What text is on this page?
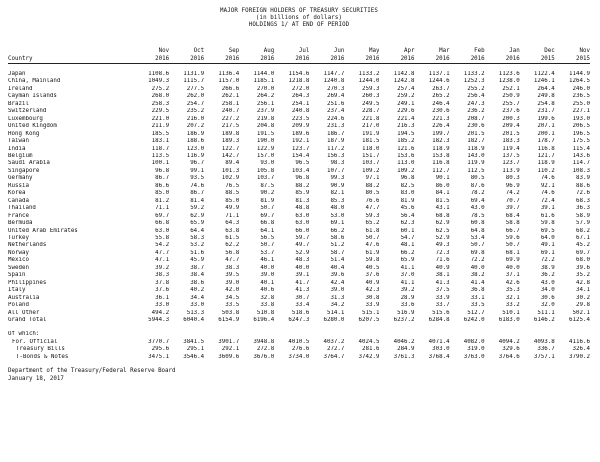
MAJOR FOREIGN HOLDERS OF TREASURY SECURITIES
(in billions of dollars)
HOLDINGS 1/ AT END OF PERIOD
	Nov	Oct	Sep	Aug	Jul	Jun	May	Apr	Mar	Feb	Jan	Dec	Nov
Country	2016	2016	2016	2016	2016	2016	2016	2016	2016	2016	2016	2015	2015

Japan	1108.6	1131.9	1136.4	1144.0	1154.6	1147.7	1133.2	1142.8	1137.1	1133.2	1123.6	1122.4	1144.9
China, Mainland	1049.3	1115.7	1157.0	1185.1	1218.8	1240.8	1244.0	1242.8	1244.6	1252.3	1238.0	1246.1	1264.5
Ireland	275.2	277.5	266.6	270.0	272.0	270.3	259.3	257.4	263.7	255.2	252.1	264.4	246.0
Cayman Islands	268.0	262.0	262.1	264.2	264.3	269.4	260.3	259.2	265.2	256.4	250.9	249.8	236.5
Brazil	258.3	254.7	258.1	256.1	254.1	251.6	249.5	249.1	246.4	247.3	255.7	254.8	255.0
Switzerland	229.5	235.2	240.7	237.9	240.8	237.4	228.7	229.6	230.6	236.2	237.6	231.7	227.1
Luxembourg	221.0	216.0	227.2	219.8	223.5	224.6	221.8	221.4	221.3	208.7	200.3	199.6	193.0
United Kingdom	211.9	207.2	217.5	204.8	209.9	231.3	217.0	216.3	226.4	230.6	209.4	207.1	206.5
Hong Kong	185.5	186.9	189.8	191.5	189.6	186.7	191.9	194.5	199.7	201.5	201.5	200.1	196.5
Taiwan	183.1	188.6	189.3	190.0	192.1	187.9	181.5	185.2	182.3	182.7	183.3	178.7	175.5
India	118.7	123.0	122.7	122.9	123.7	117.2	118.0	121.6	118.9	118.9	119.4	116.8	115.4
Belgium	113.5	116.9	142.7	157.0	154.4	156.3	151.7	153.6	153.8	143.0	137.5	121.7	143.6
Saudi Arabia	100.1	96.7	89.4	93.0	96.5	98.3	103.7	113.0	116.8	119.9	123.7	118.9	114.7
Singapore	96.8	99.1	101.3	105.8	103.4	107.7	109.2	109.2	112.7	112.5	113.9	110.2	108.3
Germany	86.7	93.5	102.9	103.7	96.8	99.3	97.1	96.8	90.1	80.5	80.3	74.6	83.9
Russia	86.6	74.6	76.5	87.5	88.2	90.9	88.2	82.5	86.0	87.6	96.9	92.1	88.6
Korea	85.0	86.7	88.5	90.2	85.9	82.1	80.5	83.0	84.1	78.2	74.2	74.6	72.6
Canada	81.2	81.4	85.0	81.9	81.3	85.3	76.6	81.9	81.5	69.4	70.7	72.4	68.3
Thailand	71.1	59.2	49.9	50.7	48.8	48.0	47.7	45.6	43.1	43.0	39.7	39.1	36.3
France	69.7	62.9	71.1	69.7	63.0	53.0	59.3	56.4	68.8	78.5	68.4	61.6	58.9
Bermuda	66.8	65.9	64.3	66.8	63.0	69.1	65.2	62.3	62.9	60.8	58.8	59.8	57.9
United Arab Emirates	63.0	64.4	63.8	64.1	66.0	66.2	61.8	60.1	62.5	64.8	66.7	69.5	68.2
Turkey	55.8	58.3	61.5	56.5	59.7	58.6	50.7	54.7	52.9	53.4	59.6	64.0	67.1
Netherlands	54.2	53.2	62.2	50.7	49.7	51.2	47.6	48.1	49.3	50.7	50.7	49.1	45.2
Norway	47.7	51.6	56.8	53.7	52.9	58.7	61.9	66.2	72.3	69.8	68.1	69.1	69.7
Mexico	47.1	45.9	47.7	46.1	48.3	51.4	59.8	65.9	71.6	72.2	69.9	72.2	68.0
Sweden	39.2	38.7	38.3	40.0	40.0	40.4	40.5	41.1	40.9	40.0	40.0	38.9	39.6
Spain	38.3	38.4	39.5	39.0	39.1	39.6	37.6	37.0	38.1	38.2	37.1	36.2	35.2
Philippines	37.8	38.6	39.0	40.1	41.7	42.4	40.9	41.1	41.3	41.4	42.6	43.0	42.8
Italy	37.6	40.2	42.0	40.6	41.3	39.0	42.3	39.2	37.5	36.8	35.3	34.0	34.1
Australia	36.1	34.4	34.5	32.8	30.7	31.3	30.8	28.9	33.9	33.1	32.1	30.6	30.2
Poland	33.0	33.0	33.5	33.8	33.4	34.2	33.9	33.6	33.7	33.5	33.2	32.0	29.8
All Other	494.2	513.3	503.8	510.8	518.6	514.1	515.1	516.9	515.6	512.7	510.1	511.1	502.1
Grand Total	5944.3	6040.4	6154.9	6196.4	6247.3	6280.0	6207.5	6237.2	6284.8	6242.0	6183.0	6146.2	6125.4

Of which:													
For. Official	3770.7	3841.5	3901.7	3948.8	4010.5	4037.2	4024.5	4046.2	4071.4	4082.0	4094.2	4093.8	4116.6
Treasury Bills	295.6	295.1	292.1	272.8	276.6	272.7	281.6	284.9	303.0	319.0	329.6	336.7	326.4
T-Bonds & Notes	3475.1	3546.4	3609.6	3676.0	3734.0	3764.7	3742.9	3761.3	3768.4	3763.0	3764.6	3757.1	3790.2
Department of the Treasury/Federal Reserve Board
January 18, 2017
